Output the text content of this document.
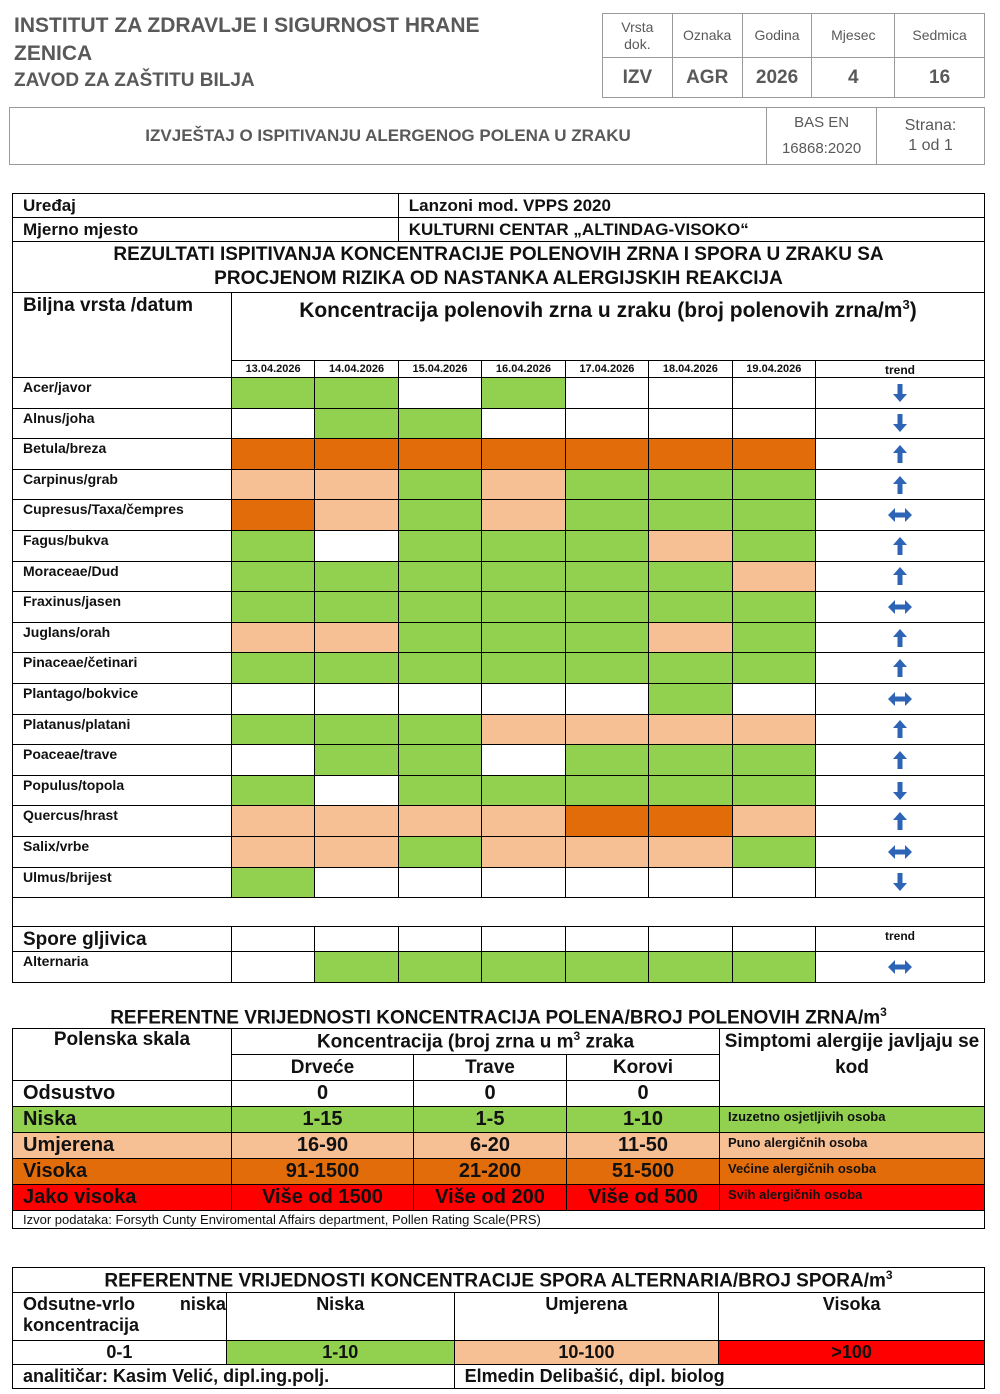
INSTITUT ZA ZDRAVLJE I SIGURNOST HRANE
ZENICA
ZAVOD ZA ZAŠTITU BILJA
Vrsta
dok.	Oznaka	Godina	Mjesec	Sedmica
IZV	AGR	2026	4	16
IZVJEŠTAJ O ISPITIVANJU ALERGENOG POLENA U ZRAKU	BAS EN
16868:2020	Strana:
1 od 1
Uređaj			Lanzoni mod. VPPS 2020					
Mjerno mjesto			KULTURNI CENTAR „ALTINDAG-VISOKO“					
REZULTATI ISPITIVANJA KONCENTRACIJE POLENOVIH ZRNA I SPORA U ZRAKU SA
PROCJENOM RIZIKA OD NASTANKA ALERGIJSKIH REAKCIJA								
Biljna vrsta /datum	Koncentracija polenovih zrna u zraku (broj polenovih zrna/$m^3$)							
	13.04.2026	14.04.2026	15.04.2026	16.04.2026	17.04.2026	18.04.2026	19.04.2026	trend
Acer/javor								
Alnus/joha								
Betula/breza								
Carpinus/grab								
Cupresus/Taxa/čempres								
Fagus/bukva								
Moraceae/Dud								
Fraxinus/jasen								
Juglans/orah								
Pinaceae/četinari								
Plantago/bokvice								
Platanus/platani								
Poaceae/trave								
Populus/topola								
Quercus/hrast								
Salix/vrbe								
Ulmus/brijest								

Spore gljivica								trend
Alternaria								
REFERENTNE VRIJEDNOSTI KONCENTRACIJA POLENA/BROJ POLENOVIH ZRNA/$m^3$
Polenska skala	Koncentracija (broj zrna u $m^3$ zraka			Simptomi alergije javljaju se kod
	Drveće	Trave	Korovi	
Odsustvo	0	0	0	
Niska	1-15	1-5	1-10	Izuzetno osjetljivih osoba
Umjerena	16-90	6-20	11-50	Puno alergičnih osoba
Visoka	91-1500	21-200	51-500	Većine alergičnih osoba
Jako visoka	Više od 1500	Više od 200	Više od 500	Svih alergičnih osoba
Izvor podataka: Forsyth Cunty Enviromental Affairs department, Pollen Rating Scale(PRS)				
REFERENTNE VRIJEDNOSTI KONCENTRACIJE SPORA ALTERNARIA/BROJ SPORA/$m^3$
Odsutne-vrlo niska koncentracija	Niska	Umjerena	Visoka
0-1	1-10	10-100	>100
analitičar: Kasim Velić, dipl.ing.polj.		Elmedin Delibašić, dipl. biolog	
